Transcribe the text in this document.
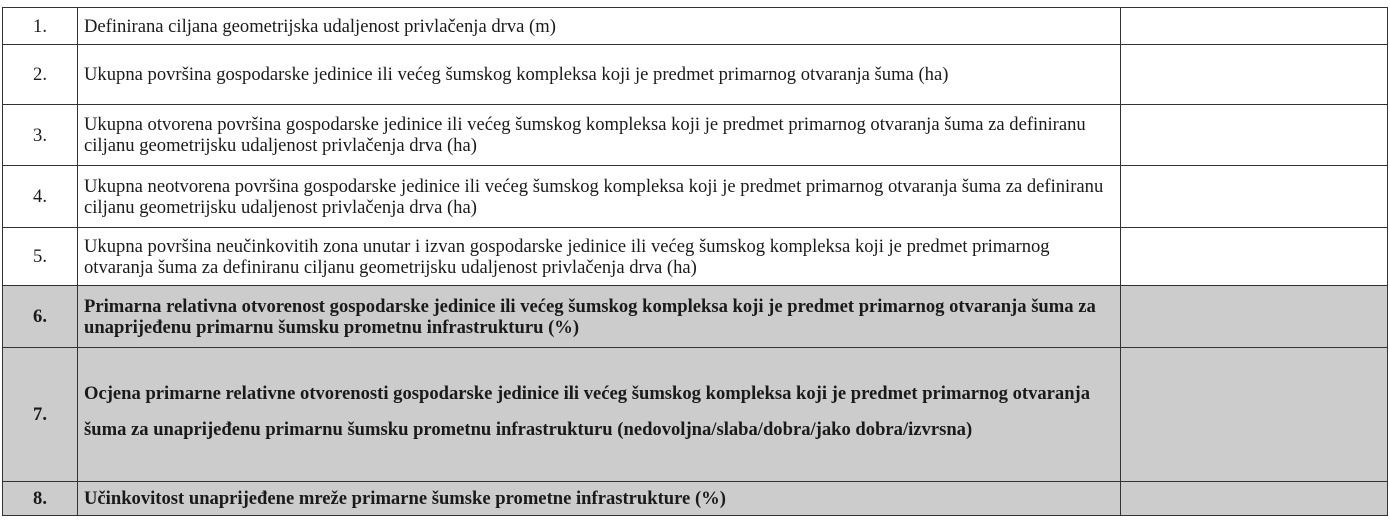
1.	Definirana ciljana geometrijska udaljenost privlačenja drva (m)	
2.	Ukupna površina gospodarske jedinice ili većeg šumskog kompleksa koji je predmet primarnog otvaranja šuma (ha)	
3.	Ukupna otvorena površina gospodarske jedinice ili većeg šumskog kompleksa koji je predmet primarnog otvaranja šuma za definiranu ciljanu geometrijsku udaljenost privlačenja drva (ha)	
4.	Ukupna neotvorena površina gospodarske jedinice ili većeg šumskog kompleksa koji je predmet primarnog otvaranja šuma za definiranu ciljanu geometrijsku udaljenost privlačenja drva (ha)	
5.	Ukupna površina neučinkovitih zona unutar i izvan gospodarske jedinice ili većeg šumskog kompleksa koji je predmet primarnog otvaranja šuma za definiranu ciljanu geometrijsku udaljenost privlačenja drva (ha)	
6.	Primarna relativna otvorenost gospodarske jedinice ili većeg šumskog kompleksa koji je predmet primarnog otvaranja šuma za unaprijeđenu primarnu šumsku prometnu infrastrukturu (%)	
7.	Ocjena primarne relativne otvorenosti gospodarske jedinice ili većeg šumskog kompleksa koji je predmet primarnog otvaranja šuma za unaprijeđenu primarnu šumsku prometnu infrastrukturu (nedovoljna/slaba/dobra/jako dobra/izvrsna)	
8.	Učinkovitost unaprijeđene mreže primarne šumske prometne infrastrukture (%)	
